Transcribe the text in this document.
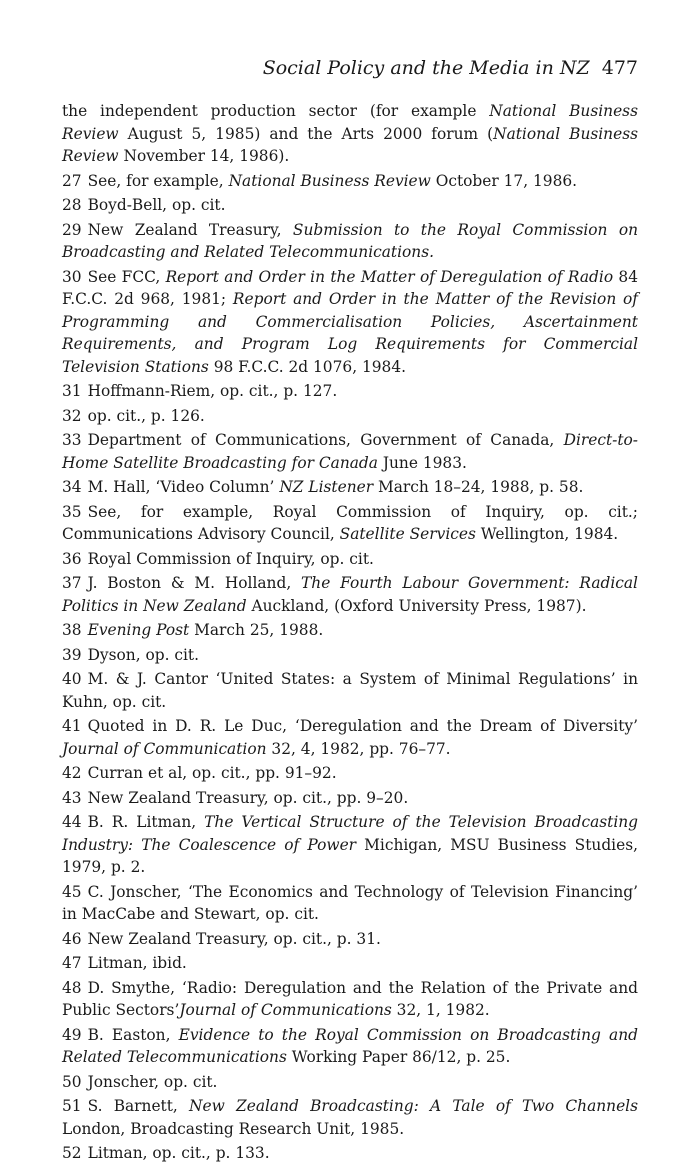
Social Policy and the Media in NZ 477

the independent production sector (for example National Business Review August 5, 1985) and the Arts 2000 forum (National Business Review November 14, 1986).

27 See, for example, National Business Review October 17, 1986.

28 Boyd-Bell, op. cit.

29 New Zealand Treasury, Submission to the Royal Commission on Broadcasting and Related Telecommunications.

30 See FCC, Report and Order in the Matter of Deregulation of Radio 84 F.C.C. 2d 968, 1981; Report and Order in the Matter of the Revision of Programming and Commercialisation Policies, Ascertainment Requirements, and Program Log Requirements for Commercial Television Stations 98 F.C.C. 2d 1076, 1984.

31 Hoffmann-Riem, op. cit., p. 127.

32 op. cit., p. 126.

33 Department of Communications, Government of Canada, Direct-to-Home Satellite Broadcasting for Canada June 1983.

34 M. Hall, ‘Video Column’ NZ Listener March 18–24, 1988, p. 58.

35 See, for example, Royal Commission of Inquiry, op. cit.; Communications Advisory Council, Satellite Services Wellington, 1984.

36 Royal Commission of Inquiry, op. cit.

37 J. Boston & M. Holland, The Fourth Labour Government: Radical Politics in New Zealand Auckland, (Oxford University Press, 1987).

38 Evening Post March 25, 1988.

39 Dyson, op. cit.

40 M. & J. Cantor ‘United States: a System of Minimal Regulations’ in Kuhn, op. cit.

41 Quoted in D. R. Le Duc, ‘Deregulation and the Dream of Diversity’ Journal of Communication 32, 4, 1982, pp. 76–77.

42 Curran et al, op. cit., pp. 91–92.

43 New Zealand Treasury, op. cit., pp. 9–20.

44 B. R. Litman, The Vertical Structure of the Television Broadcasting Industry: The Coalescence of Power Michigan, MSU Business Studies, 1979, p. 2.

45 C. Jonscher, ‘The Economics and Technology of Television Financing’ in MacCabe and Stewart, op. cit.

46 New Zealand Treasury, op. cit., p. 31.

47 Litman, ibid.

48 D. Smythe, ‘Radio: Deregulation and the Relation of the Private and Public Sectors’Journal of Communications 32, 1, 1982.

49 B. Easton, Evidence to the Royal Commission on Broadcasting and Related Telecommunications Working Paper 86/12, p. 25.

50 Jonscher, op. cit.

51 S. Barnett, New Zealand Broadcasting: A Tale of Two Channels London, Broadcasting Research Unit, 1985.

52 Litman, op. cit., p. 133.
